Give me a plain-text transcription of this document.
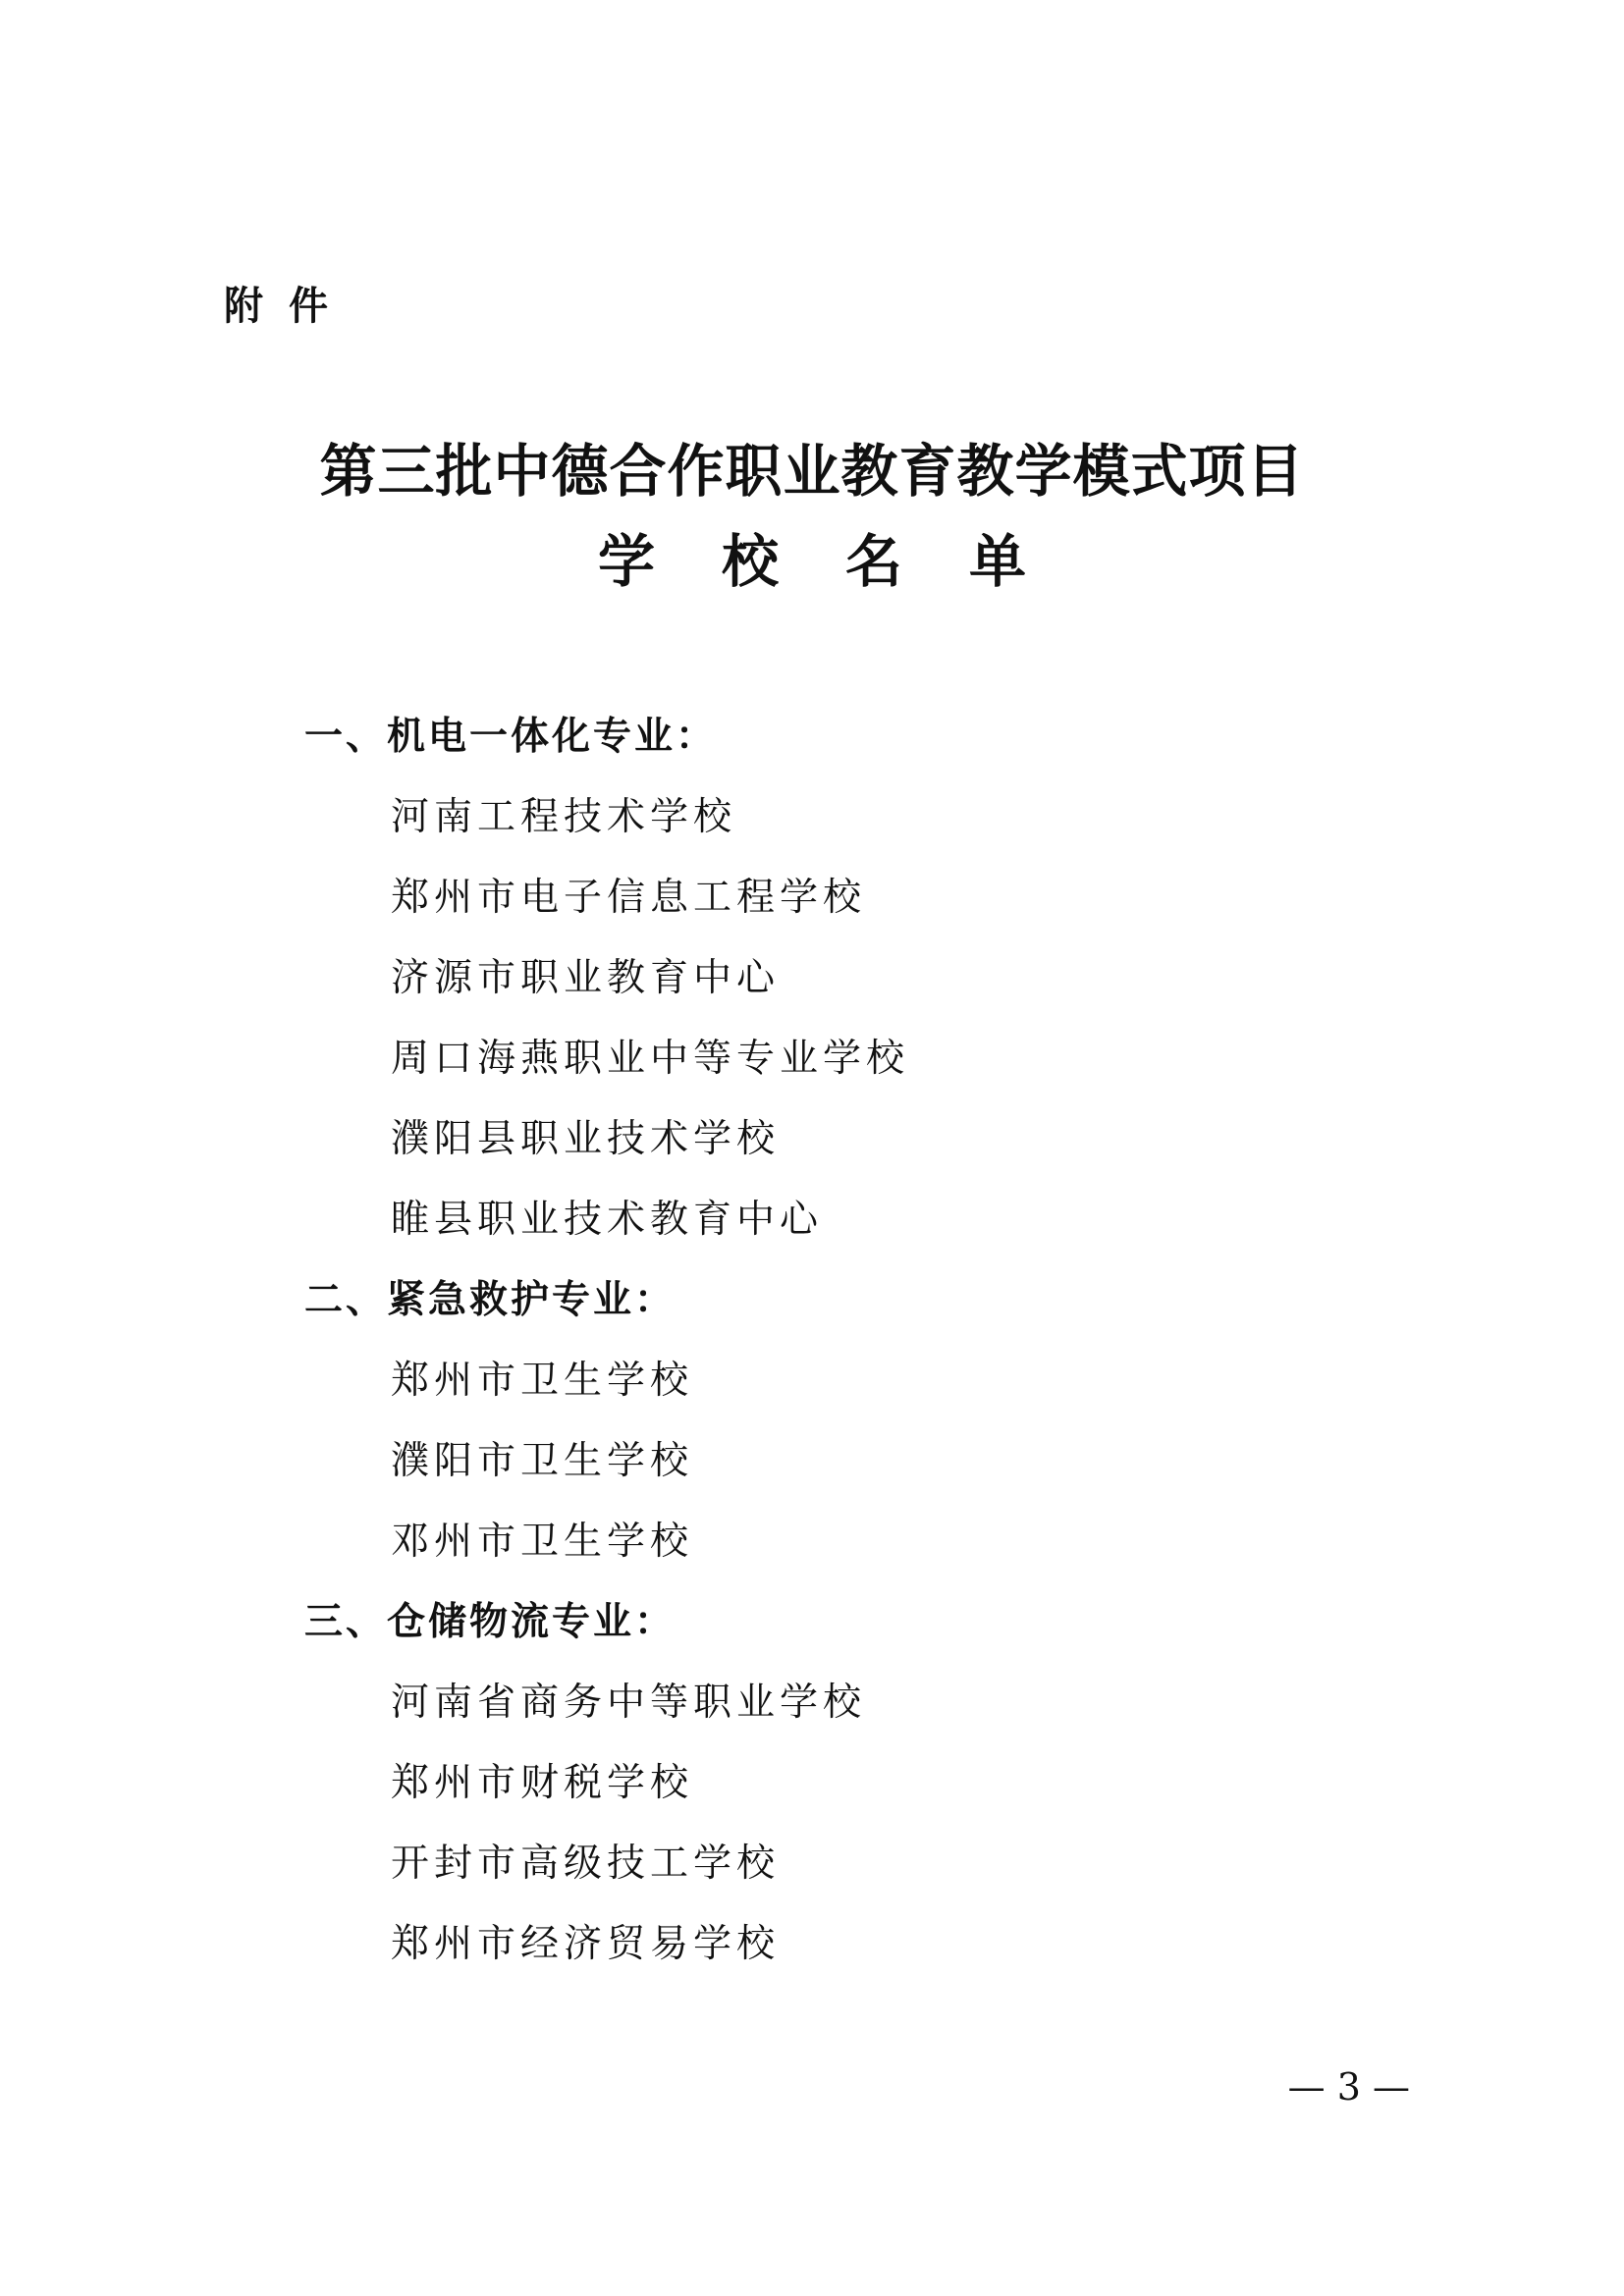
附件
第三批中德合作职业教育教学模式项目
学校名单
一、机电一体化专业：
河南工程技术学校
郑州市电子信息工程学校
济源市职业教育中心
周口海燕职业中等专业学校
濮阳县职业技术学校
睢县职业技术教育中心
二、紧急救护专业：
郑州市卫生学校
濮阳市卫生学校
邓州市卫生学校
三、仓储物流专业：
河南省商务中等职业学校
郑州市财税学校
开封市高级技工学校
郑州市经济贸易学校
— 3 —
